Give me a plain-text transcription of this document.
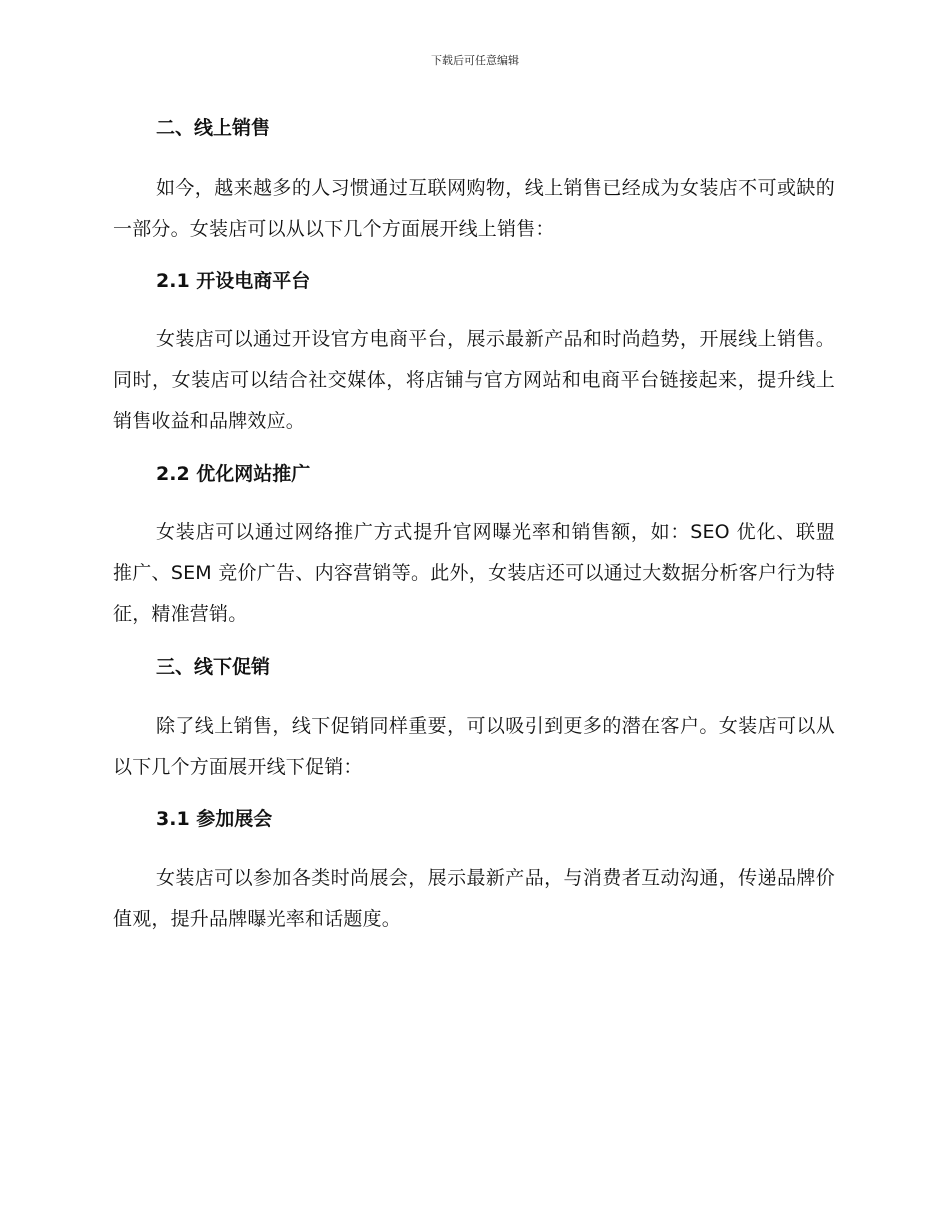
下载后可任意编辑
二、线上销售

如今，越来越多的人习惯通过互联网购物，线上销售已经成为女装店不可或缺的一部分。女装店可以从以下几个方面展开线上销售：

2.1 开设电商平台

女装店可以通过开设官方电商平台，展示最新产品和时尚趋势，开展线上销售。同时，女装店可以结合社交媒体，将店铺与官方网站和电商平台链接起来，提升线上销售收益和品牌效应。

2.2 优化网站推广

女装店可以通过网络推广方式提升官网曝光率和销售额，如：SEO 优化、联盟推广、SEM 竞价广告、内容营销等。此外，女装店还可以通过大数据分析客户行为特征，精准营销。

三、线下促销

除了线上销售，线下促销同样重要，可以吸引到更多的潜在客户。女装店可以从以下几个方面展开线下促销：

3.1 参加展会

女装店可以参加各类时尚展会，展示最新产品，与消费者互动沟通，传递品牌价值观，提升品牌曝光率和话题度。
